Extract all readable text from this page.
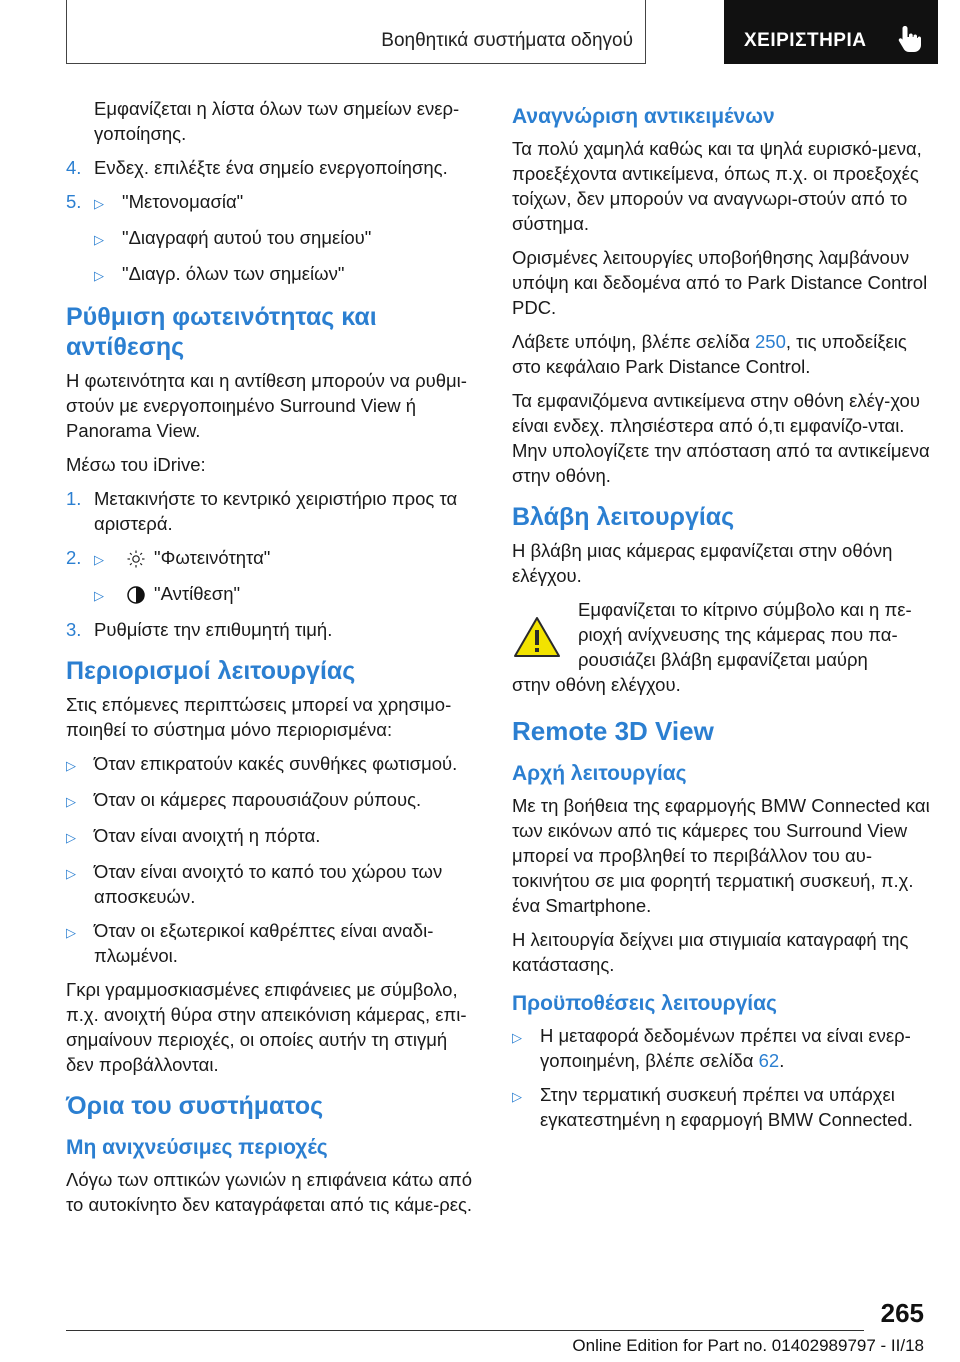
Βοηθητικά συστήματα οδηγού	ΧΕΙΡΙΣΤΗΡΙΑ

Εμφανίζεται η λίστα όλων των σημείων ενερ-γοποίησης.

4. Ενδεχ. επιλέξτε ένα σημείο ενεργοποίησης.
5. ▷ "Μετονομασία"
▷ "Διαγραφή αυτού του σημείου"
▷ "Διαγρ. όλων των σημείων"
Ρύθμιση φωτεινότητας και αντίθεσης

Η φωτεινότητα και η αντίθεση μπορούν να ρυθμι-στούν με ενεργοποιημένο Surround View ή Panorama View.

Μέσω του iDrive:

1. Μετακινήστε το κεντρικό χειριστήριο προς τα αριστερά.
2. ▷	"Φωτεινότητα"
▷	"Αντίθεση"
3. Ρυθμίστε την επιθυμητή τιμή.
Περιορισμοί λειτουργίας

Στις επόμενες περιπτώσεις μπορεί να χρησιμο-ποιηθεί το σύστημα μόνο περιορισμένα:

▷ Όταν επικρατούν κακές συνθήκες φωτισμού.
▷ Όταν οι κάμερες παρουσιάζουν ρύπους.
▷ Όταν είναι ανοιχτή η πόρτα.
▷ Όταν είναι ανοιχτό το καπό του χώρου των αποσκευών.
▷ Όταν οι εξωτερικοί καθρέπτες είναι αναδι-πλωμένοι.

Γκρι γραμμοσκιασμένες επιφάνειες με σύμβολο, π.χ. ανοιχτή θύρα στην απεικόνιση κάμερας, επι-σημαίνουν περιοχές, οι οποίες αυτήν τη στιγμή δεν προβάλλονται.

Όρια του συστήματος
Μη ανιχνεύσιμες περιοχές

Λόγω των οπτικών γωνιών η επιφάνεια κάτω από το αυτοκίνητο δεν καταγράφεται από τις κάμε-ρες.

Αναγνώριση αντικειμένων

Τα πολύ χαμηλά καθώς και τα ψηλά ευρισκό-μενα, προεξέχοντα αντικείμενα, όπως π.χ. οι προεξοχές τοίχων, δεν μπορούν να αναγνωρι-στούν από το σύστημα.

Ορισμένες λειτουργίες υποβοήθησης λαμβάνουν υπόψη και δεδομένα από το Park Distance Control PDC.

Λάβετε υπόψη, βλέπε σελίδα 250, τις υποδείξεις στο κεφάλαιο Park Distance Control.

Τα εμφανιζόμενα αντικείμενα στην οθόνη ελέγ-χου είναι ενδεχ. πλησιέστερα από ό,τι εμφανίζο-νται. Μην υπολογίζετε την απόσταση από τα αντικείμενα στην οθόνη.

Βλάβη λειτουργίας

Η βλάβη μιας κάμερας εμφανίζεται στην οθόνη ελέγχου.

Εμφανίζεται το κίτρινο σύμβολο και η πε-ριοχή ανίχνευσης της κάμερας που πα-ρουσιάζει βλάβη εμφανίζεται μαύρη

στην οθόνη ελέγχου.

Remote 3D View
Αρχή λειτουργίας

Με τη βοήθεια της εφαρμογής BMW Connected και των εικόνων από τις κάμερες του Surround View μπορεί να προβληθεί το περιβάλλον του αυ-τοκινήτου σε μια φορητή τερματική συσκευή, π.χ. ένα Smartphone.

Η λειτουργία δείχνει μια στιγμιαία καταγραφή της κατάστασης.

Προϋποθέσεις λειτουργίας
▷ Η μεταφορά δεδομένων πρέπει να είναι ενερ-γοποιημένη, βλέπε σελίδα 62.
▷ Στην τερματική συσκευή πρέπει να υπάρχει εγκατεστημένη η εφαρμογή BMW Connected.
265
Online Edition for Part no. 01402989797 - II/18
